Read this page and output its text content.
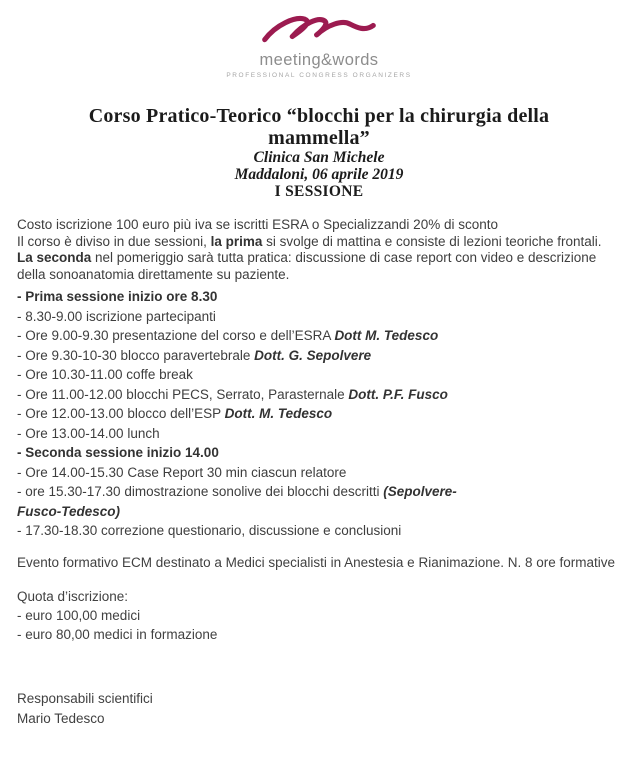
meeting&words
PROFESSIONAL CONGRESS ORGANIZERS
Corso Pratico-Teorico “blocchi per la chirurgia della
mammella”
Clinica San Michele
Maddaloni, 06 aprile 2019
I SESSIONE
Costo iscrizione 100 euro più iva se iscritti ESRA o Specializzandi 20% di sconto
Il corso è diviso in due sessioni, la prima si svolge di mattina e consiste di lezioni teoriche frontali. La seconda nel pomeriggio sarà tutta pratica: discussione di case report con video e descrizione della sonoanatomia direttamente su paziente.
- Prima sessione inizio ore 8.30
- 8.30-9.00 iscrizione partecipanti
- Ore 9.00-9.30 presentazione del corso e dell’ESRA Dott M. Tedesco
- Ore 9.30-10-30 blocco paravertebrale Dott. G. Sepolvere
- Ore 10.30-11.00 coffe break
- Ore 11.00-12.00 blocchi PECS, Serrato, Parasternale Dott. P.F. Fusco
- Ore 12.00-13.00 blocco dell’ESP Dott. M. Tedesco
- Ore 13.00-14.00 lunch
- Seconda sessione inizio 14.00
- Ore 14.00-15.30 Case Report 30 min ciascun relatore
- ore 15.30-17.30 dimostrazione sonolive dei blocchi descritti (Sepolvere-
Fusco-Tedesco)
- 17.30-18.30 correzione questionario, discussione e conclusioni
Evento formativo ECM destinato a Medici specialisti in Anestesia e Rianimazione. N. 8 ore formative
Quota d’iscrizione:
- euro 100,00 medici
- euro 80,00 medici in formazione
Responsabili scientifici
Mario Tedesco
